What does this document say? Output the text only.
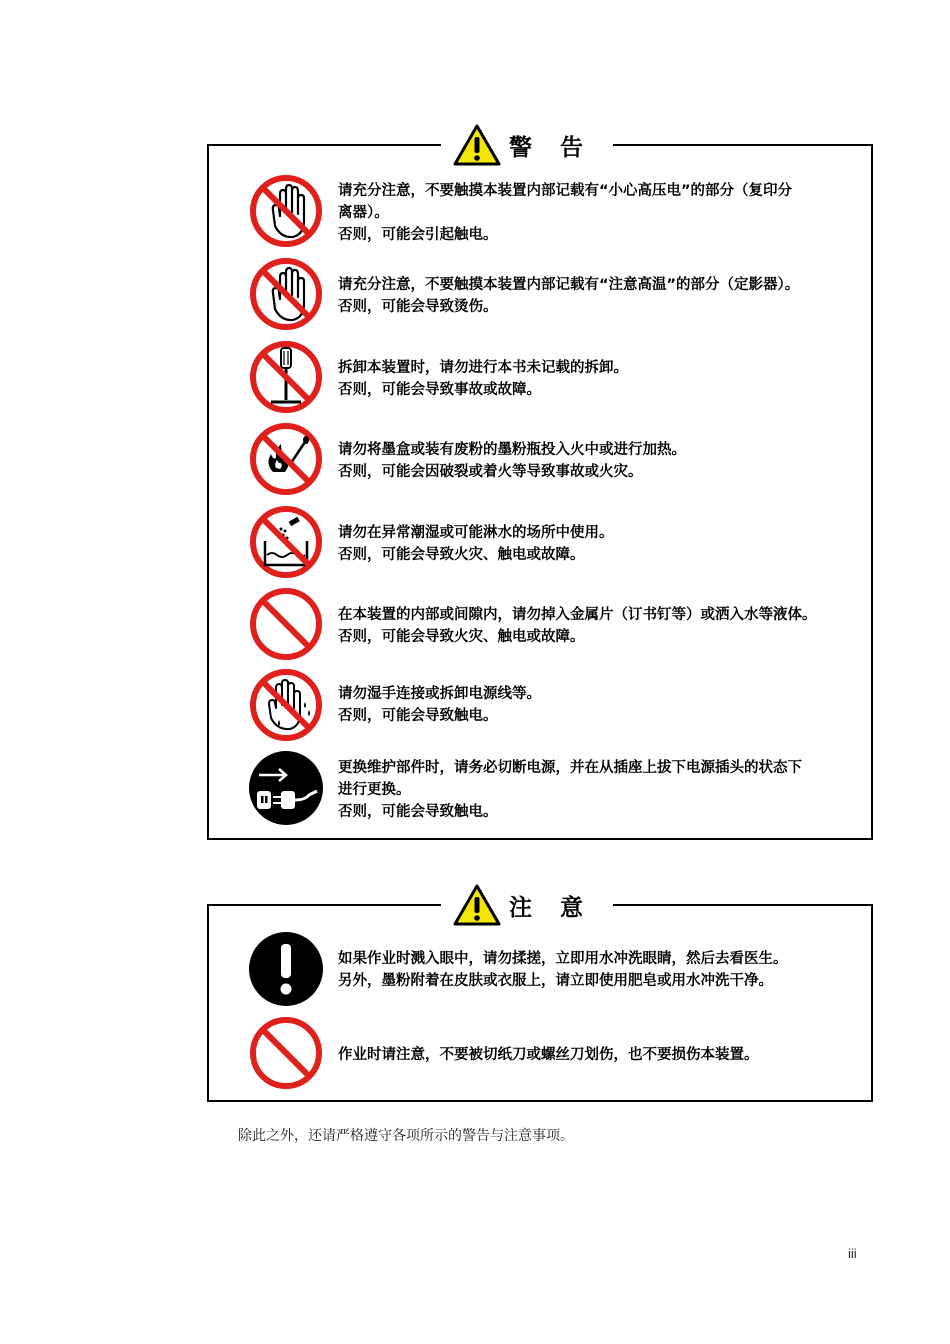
警 告
请充分注意，不要触摸本装置内部记载有“小心高压电”的部分（复印分
离器）。
否则，可能会引起触电。
请充分注意，不要触摸本装置内部记载有“注意高温”的部分（定影器）。
否则，可能会导致烫伤。
拆卸本装置时，请勿进行本书未记载的拆卸。
否则，可能会导致事故或故障。
请勿将墨盒或装有废粉的墨粉瓶投入火中或进行加热。
否则，可能会因破裂或着火等导致事故或火灾。
请勿在异常潮湿或可能淋水的场所中使用。
否则，可能会导致火灾、触电或故障。
在本装置的内部或间隙内，请勿掉入金属片（订书钉等）或洒入水等液体。
否则，可能会导致火灾、触电或故障。
请勿湿手连接或拆卸电源线等。
否则，可能会导致触电。
更换维护部件时，请务必切断电源，并在从插座上拔下电源插头的状态下
进行更换。
否则，可能会导致触电。
注 意
如果作业时溅入眼中，请勿揉搓，立即用水冲洗眼睛，然后去看医生。
另外，墨粉附着在皮肤或衣服上，请立即使用肥皂或用水冲洗干净。
作业时请注意，不要被切纸刀或螺丝刀划伤，也不要损伤本装置。
除此之外，还请严格遵守各项所示的警告与注意事项。
iii
